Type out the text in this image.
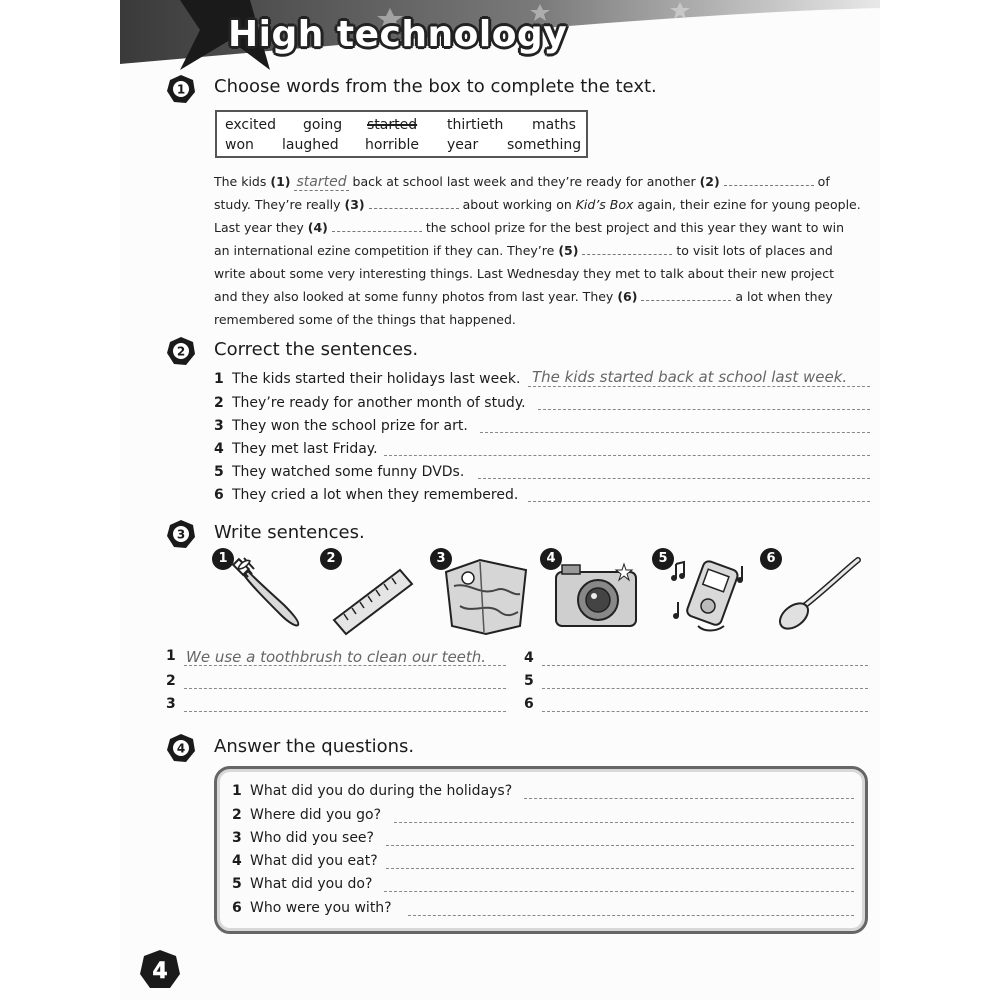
High technology
1 Choose words from the box to complete the text.
excited going started thirtieth maths
won laughed horrible year something
The kids (1) started back at school last week and they’re ready for another (2)	of
study. They’re really (3)	about working on Kid’s Box again, their ezine for young people.
Last year they (4)	the school prize for the best project and this year they want to win
an international ezine competition if they can. They’re (5)	to visit lots of places and
write about some very interesting things. Last Wednesday they met to talk about their new project
and they also looked at some funny photos from last year. They (6)	a lot when they
remembered some of the things that happened.
2 Correct the sentences.
1 The kids started their holidays last week. The kids started back at school last week.
2 They’re ready for another month of study.
3 They won the school prize for art.
4 They met last Friday.
5 They watched some funny DVDs.
6 They cried a lot when they remembered.
3 Write sentences.
1	2	3	4	5	6
1 We use a toothbrush to clean our teeth.
2
3
4
5
6
4 Answer the questions.
1 What did you do during the holidays?
2 Where did you go?
3 Who did you see?
4 What did you eat?
5 What did you do?
6 Who were you with?
4
